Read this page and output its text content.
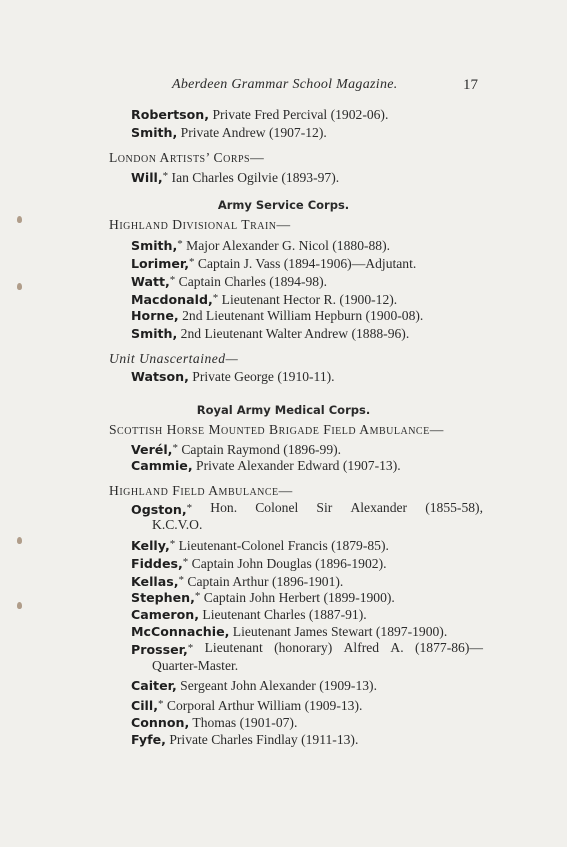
Aberdeen Grammar School Magazine.	17
Robertson, Private Fred Percival (1902-06).
Smith, Private Andrew (1907-12).
London Artists’ Corps—
Will,* Ian Charles Ogilvie (1893-97).
Army Service Corps.
Highland Divisional Train—
Smith,* Major Alexander G. Nicol (1880-88).
Lorimer,* Captain J. Vass (1894-1906)—Adjutant.
Watt,* Captain Charles (1894-98).
Macdonald,* Lieutenant Hector R. (1900-12).
Horne, 2nd Lieutenant William Hepburn (1900-08).
Smith, 2nd Lieutenant Walter Andrew (1888-96).
Unit Unascertained—
Watson, Private George (1910-11).
Royal Army Medical Corps.
Scottish Horse Mounted Brigade Field Ambulance—
Verél,* Captain Raymond (1896-99).
Cammie, Private Alexander Edward (1907-13).
Highland Field Ambulance—
Ogston,* Hon. Colonel Sir Alexander (1855-58),
K.C.V.O.
Kelly,* Lieutenant-Colonel Francis (1879-85).
Fiddes,* Captain John Douglas (1896-1902).
Kellas,* Captain Arthur (1896-1901).
Stephen,* Captain John Herbert (1899-1900).
Cameron, Lieutenant Charles (1887-91).
McConnachie, Lieutenant James Stewart (1897-1900).
Prosser,* Lieutenant (honorary) Alfred A. (1877-86)—
Quarter-Master.
Caiter, Sergeant John Alexander (1909-13).
Cill,* Corporal Arthur William (1909-13).
Connon, Thomas (1901-07).
Fyfe, Private Charles Findlay (1911-13).
